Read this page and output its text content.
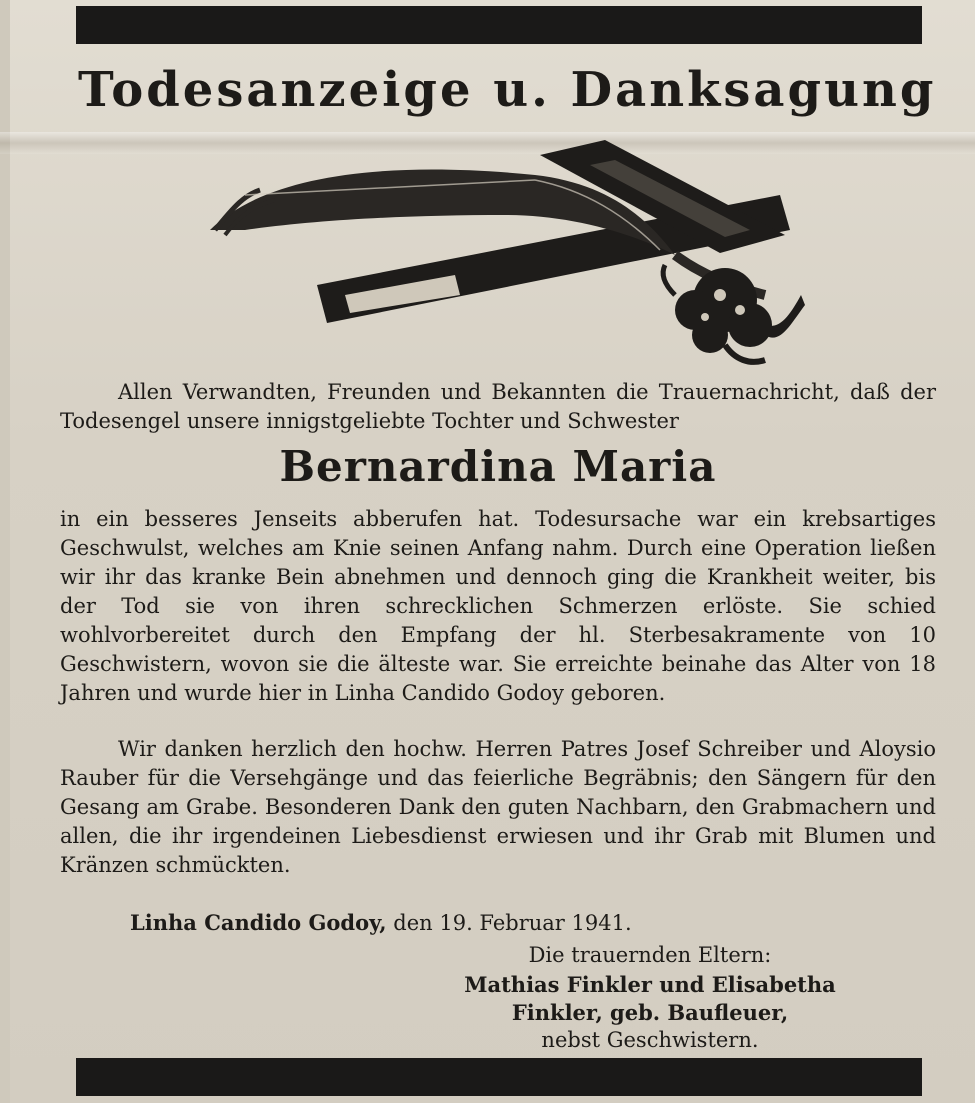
Todesanzeige u. Danksagung
Allen Verwandten, Freunden und Bekannten die Trauernachricht, daß der Todesengel unsere innigstgeliebte Tochter und Schwester
Bernardina Maria
in ein besseres Jenseits abberufen hat. Todesursache war ein krebsartiges Geschwulst, welches am Knie seinen Anfang nahm. Durch eine Operation ließen wir ihr das kranke Bein abnehmen und dennoch ging die Krankheit weiter, bis der Tod sie von ihren schrecklichen Schmerzen erlöste. Sie schied wohlvorbereitet durch den Empfang der hl. Sterbesakramente von 10 Geschwistern, wovon sie die älteste war. Sie erreichte beinahe das Alter von 18 Jahren und wurde hier in Linha Candido Godoy geboren.
Wir danken herzlich den hochw. Herren Patres Josef Schreiber und Aloysio Rauber für die Versehgänge und das feierliche Begräbnis; den Sängern für den Gesang am Grabe. Besonderen Dank den guten Nachbarn, den Grabmachern und allen, die ihr irgendeinen Liebesdienst erwiesen und ihr Grab mit Blumen und Kränzen schmückten.
Linha Candido Godoy, den 19. Februar 1941.
Die trauernden Eltern:
Mathias Finkler und Elisabetha
Finkler, geb. Baufleuer,
nebst Geschwistern.
